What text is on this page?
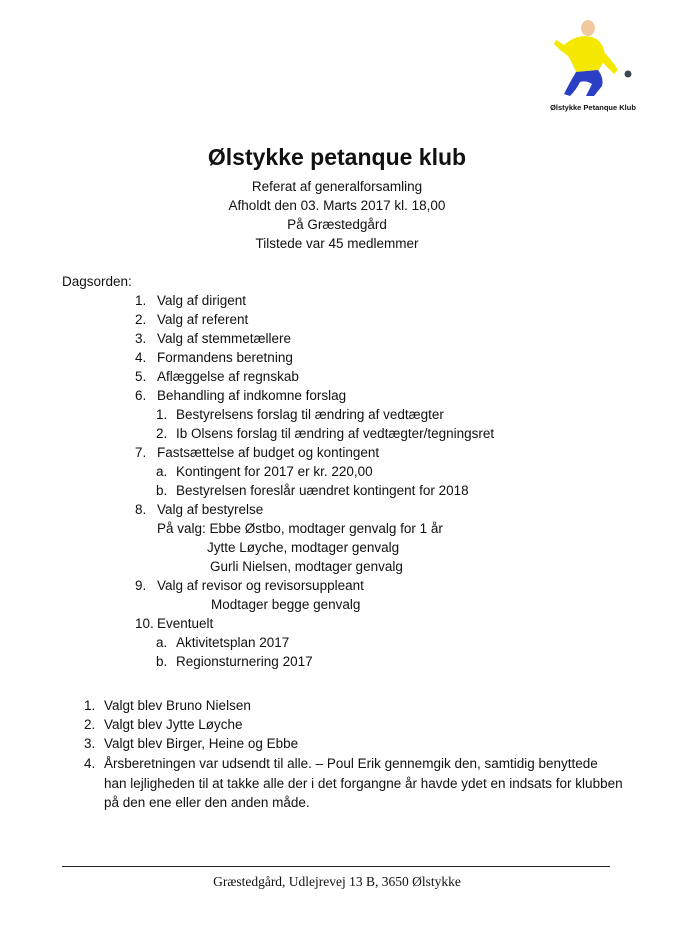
Ølstykke Petanque Klub
Ølstykke petanque klub
Referat af generalforsamling
Afholdt den 03. Marts 2017 kl. 18,00
På Græstedgård
Tilstede var 45 medlemmer
Dagsorden:
1. Valg af dirigent
2. Valg af referent
3. Valg af stemmetællere
4. Formandens beretning
5. Aflæggelse af regnskab
6. Behandling af indkomne forslag
1. Bestyrelsens forslag til ændring af vedtægter
2. Ib Olsens forslag til ændring af vedtægter/tegningsret
7. Fastsættelse af budget og kontingent
a. Kontingent for 2017 er kr. 220,00
b. Bestyrelsen foreslår uændret kontingent for 2018
8. Valg af bestyrelse
På valg: Ebbe Østbo, modtager genvalg for 1 år
Jytte Løyche, modtager genvalg
Gurli Nielsen, modtager genvalg
9. Valg af revisor og revisorsuppleant
Modtager begge genvalg
10. Eventuelt
a. Aktivitetsplan 2017
b. Regionsturnering 2017
1. Valgt blev Bruno Nielsen
2. Valgt blev Jytte Løyche
3. Valgt blev Birger, Heine og Ebbe
4. Årsberetningen var udsendt til alle. – Poul Erik gennemgik den, samtidig benyttede han lejligheden til at takke alle der i det forgangne år havde ydet en indsats for klubben på den ene eller den anden måde.
Græstedgård, Udlejrevej 13 B, 3650 Ølstykke
